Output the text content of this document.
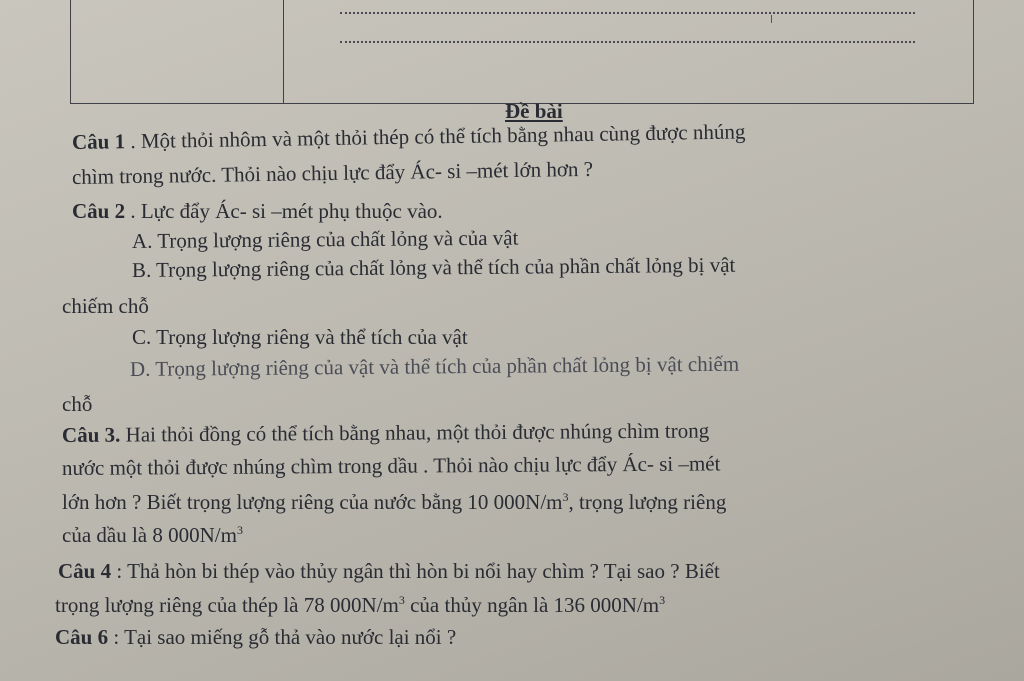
Đề bài
Câu 1 . Một thỏi nhôm và một thỏi thép có thể tích bằng nhau cùng được nhúng
chìm trong nước. Thỏi nào chịu lực đẩy Ác- si –mét lớn hơn ?
Câu 2 . Lực đẩy Ác- si –mét phụ thuộc vào.
A. Trọng lượng riêng của chất lỏng và của vật
B. Trọng lượng riêng của chất lỏng và thể tích của phần chất lỏng bị vật
chiếm chỗ
C. Trọng lượng riêng và thể tích của vật
D. Trọng lượng riêng của vật và thể tích của phần chất lỏng bị vật chiếm
chỗ
Câu 3. Hai thỏi đồng có thể tích bằng nhau, một thỏi được nhúng chìm trong
nước một thỏi được nhúng chìm trong dầu . Thỏi nào chịu lực đẩy Ác- si –mét
lớn hơn ? Biết trọng lượng riêng của nước bằng 10 $000N/m^3$, trọng lượng riêng
của dầu là 8 $000N/m^3$
Câu 4 : Thả hòn bi thép vào thủy ngân thì hòn bi nổi hay chìm ? Tại sao ? Biết
trọng lượng riêng của thép là 78 $000N/m^3$ của thủy ngân là 136 $000N/m^3$
Câu 6 : Tại sao miếng gỗ thả vào nước lại nổi ?
